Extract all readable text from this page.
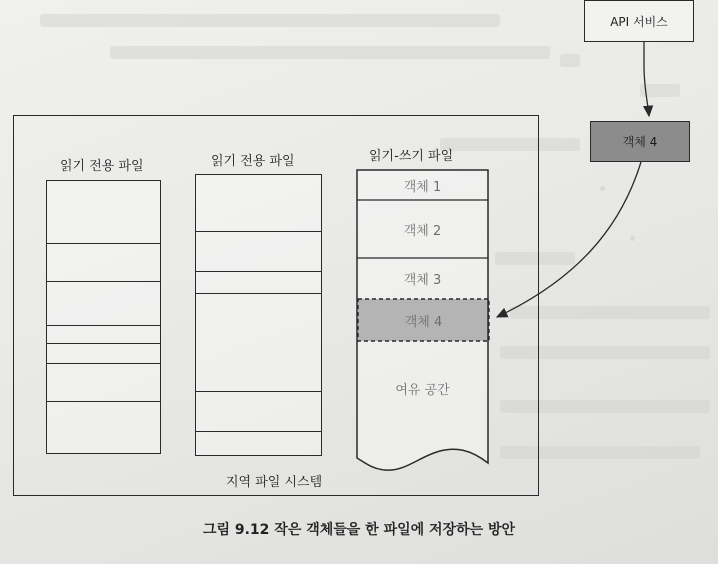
API 서비스
객체 4
읽기 전용 파일	읽기 전용 파일	읽기-쓰기 파일
지역 파일 시스템
그림 9.12 작은 객체들을 한 파일에 저장하는 방안
